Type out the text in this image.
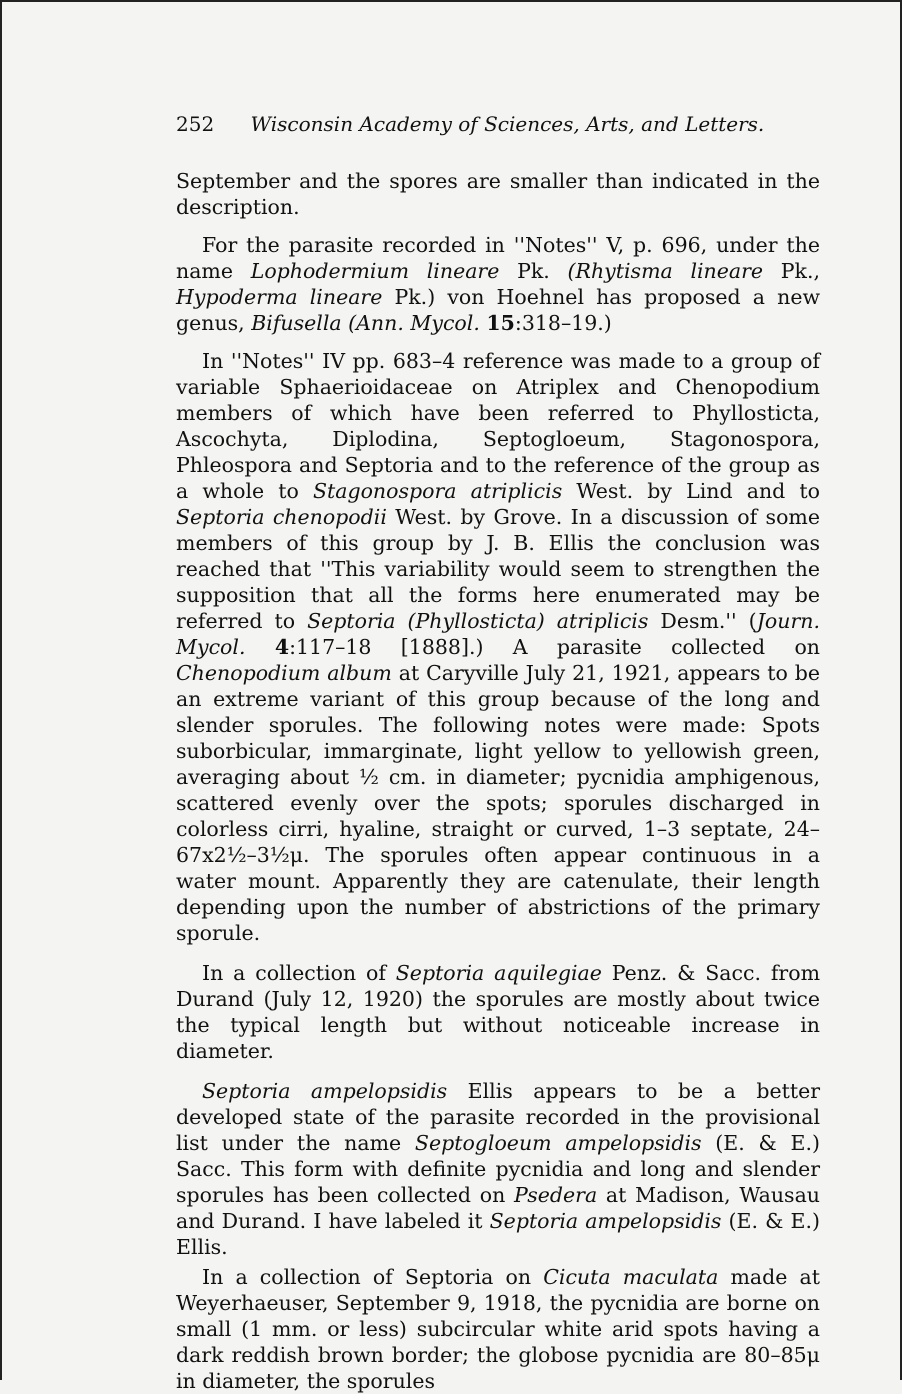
252 Wisconsin Academy of Sciences, Arts, and Letters.

September and the spores are smaller than indicated in the description.

For the parasite recorded in ''Notes'' V, p. 696, under the name Lophodermium lineare Pk. (Rhytisma lineare Pk., Hypoderma lineare Pk.) von Hoehnel has proposed a new genus, Bifusella (Ann. Mycol. 15:318–19.)

In ''Notes'' IV pp. 683–4 reference was made to a group of variable Sphaerioidaceae on Atriplex and Chenopodium members of which have been referred to Phyllosticta, Ascochyta, Diplodina, Septogloeum, Stagonospora, Phleospora and Septoria and to the reference of the group as a whole to Stagonospora atriplicis West. by Lind and to Septoria chenopodii West. by Grove. In a discussion of some members of this group by J. B. Ellis the conclusion was reached that ''This variability would seem to strengthen the supposition that all the forms here enumerated may be referred to Septoria (Phyllosticta) atriplicis Desm.'' (Journ. Mycol. 4:117–18 [1888].) A parasite collected on Chenopodium album at Caryville July 21, 1921, appears to be an extreme variant of this group because of the long and slender sporules. The following notes were made: Spots suborbicular, immarginate, light yellow to yellowish green, averaging about ½ cm. in diameter; pycnidia amphigenous, scattered evenly over the spots; sporules discharged in colorless cirri, hyaline, straight or curved, 1–3 septate, 24–67x2½–3½μ. The sporules often appear continuous in a water mount. Apparently they are catenulate, their length depending upon the number of abstrictions of the primary sporule.

In a collection of Septoria aquilegiae Penz. & Sacc. from Durand (July 12, 1920) the sporules are mostly about twice the typical length but without noticeable increase in diameter.

Septoria ampelopsidis Ellis appears to be a better developed state of the parasite recorded in the provisional list under the name Septogloeum ampelopsidis (E. & E.) Sacc. This form with definite pycnidia and long and slender sporules has been collected on Psedera at Madison, Wausau and Durand. I have labeled it Septoria ampelopsidis (E. & E.) Ellis.

In a collection of Septoria on Cicuta maculata made at Weyerhaeuser, September 9, 1918, the pycnidia are borne on small (1 mm. or less) subcircular white arid spots having a dark reddish brown border; the globose pycnidia are 80–85μ in diameter, the sporules
